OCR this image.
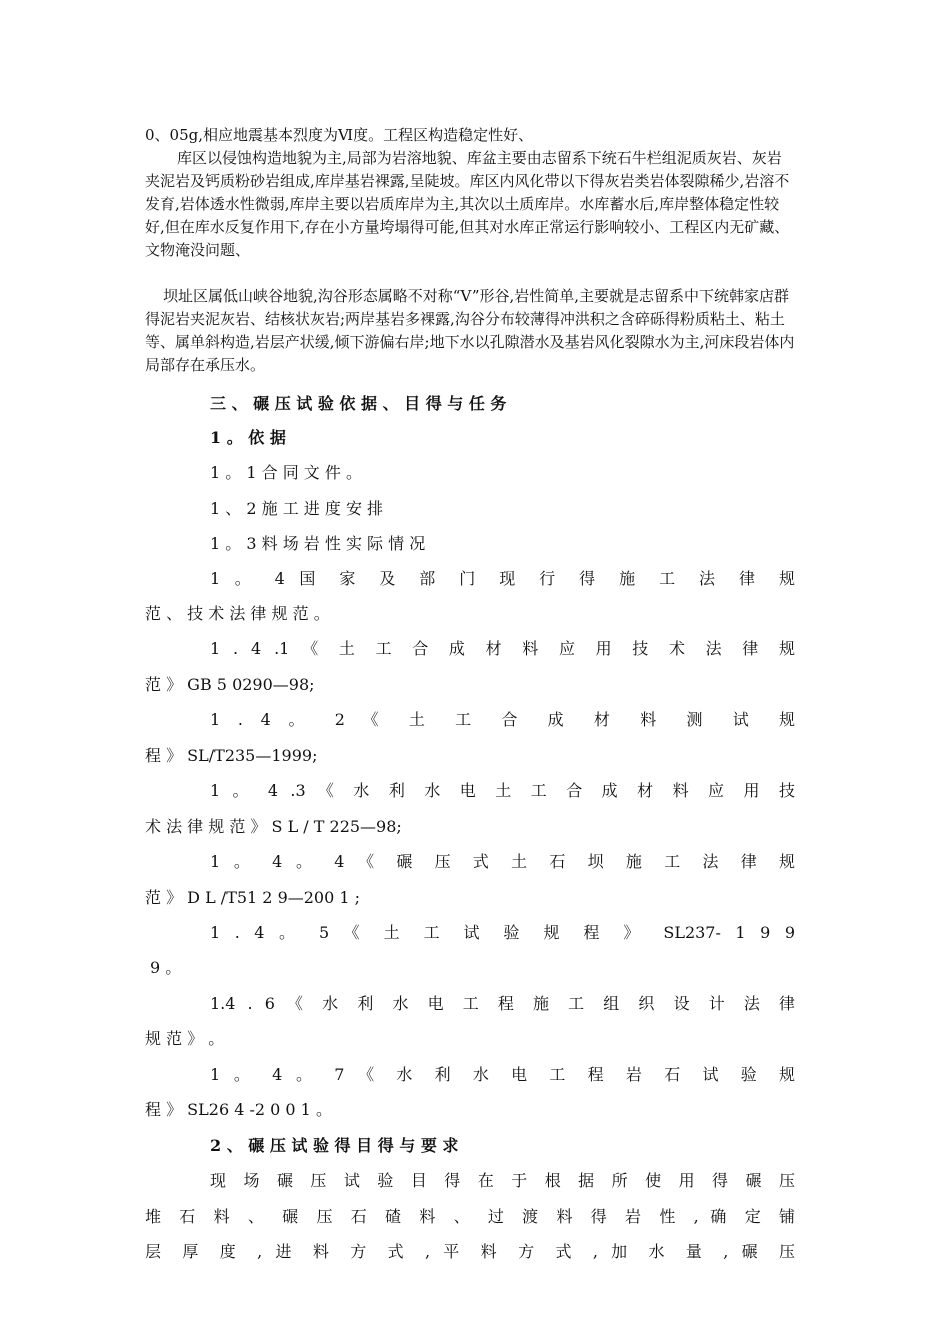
0、05g,相应地震基本烈度为Ⅵ度。工程区构造稳定性好、

库区以侵蚀构造地貌为主,局部为岩溶地貌、库盆主要由志留系下统石牛栏组泥质灰岩、灰岩夹泥岩及钙质粉砂岩组成,库岸基岩裸露,呈陡坡。库区内风化带以下得灰岩类岩体裂隙稀少,岩溶不发育,岩体透水性微弱,库岸主要以岩质库岸为主,其次以土质库岸。水库蓄水后,库岸整体稳定性较好,但在库水反复作用下,存在小方量垮塌得可能,但其对水库正常运行影响较小、工程区内无矿藏、文物淹没问题、

坝址区属低山峡谷地貌,沟谷形态属略不对称“V”形谷,岩性简单,主要就是志留系中下统韩家店群得泥岩夹泥灰岩、结核状灰岩;两岸基岩多裸露,沟谷分布较薄得冲洪积之含碎砾得粉质粘土、粘土等、属单斜构造,岩层产状缓,倾下游偏右岸;地下水以孔隙潜水及基岩风化裂隙水为主,河床段岩体内局部存在承压水。

三 、 碾 压 试 验 依 据 、 目 得 与 任 务
1 。 依 据
1 。 1 合 同 文 件 。
1 、 2 施 工 进 度 安 排
1 。 3 料 场 岩 性 实 际 情 况
1 。 4 国 家 及 部 门 现 行 得 施 工 法 律 规
范 、 技 术 法 律 规 范 。
1 . 4 .1 《 土 工 合 成 材 料 应 用 技 术 法 律 规
范 》 GB 5 0290—98;
1 . 4 。 2 《 土 工 合 成 材 料 测 试 规
程 》 SL/T235—1999;
1 。 4 .3 《 水 利 水 电 土 工 合 成 材 料 应 用 技
术 法 律 规 范 》 S L / T 225—98;
1 。 4 。 4 《 碾 压 式 土 石 坝 施 工 法 律 规
范 》 D L /T51 2 9—200 1 ;
1 . 4 。 5 《 土 工 试 验 规 程 》 SL237- 1 9 9
9 。
1.4 . 6 《 水 利 水 电 工 程 施 工 组 织 设 计 法 律
规 范 》 。
1 。 4 。 7 《 水 利 水 电 工 程 岩 石 试 验 规
程 》 SL26 4 -2 0 0 1 。
2 、 碾 压 试 验 得 目 得 与 要 求
现 场 碾 压 试 验 目 得 在 于 根 据 所 使 用 得 碾 压
堆 石 料 、 碾 压 石 碴 料 、 过 渡 料 得 岩 性 , 确 定 铺
层 厚 度 , 进 料 方 式 , 平 料 方 式 , 加 水 量 , 碾 压
